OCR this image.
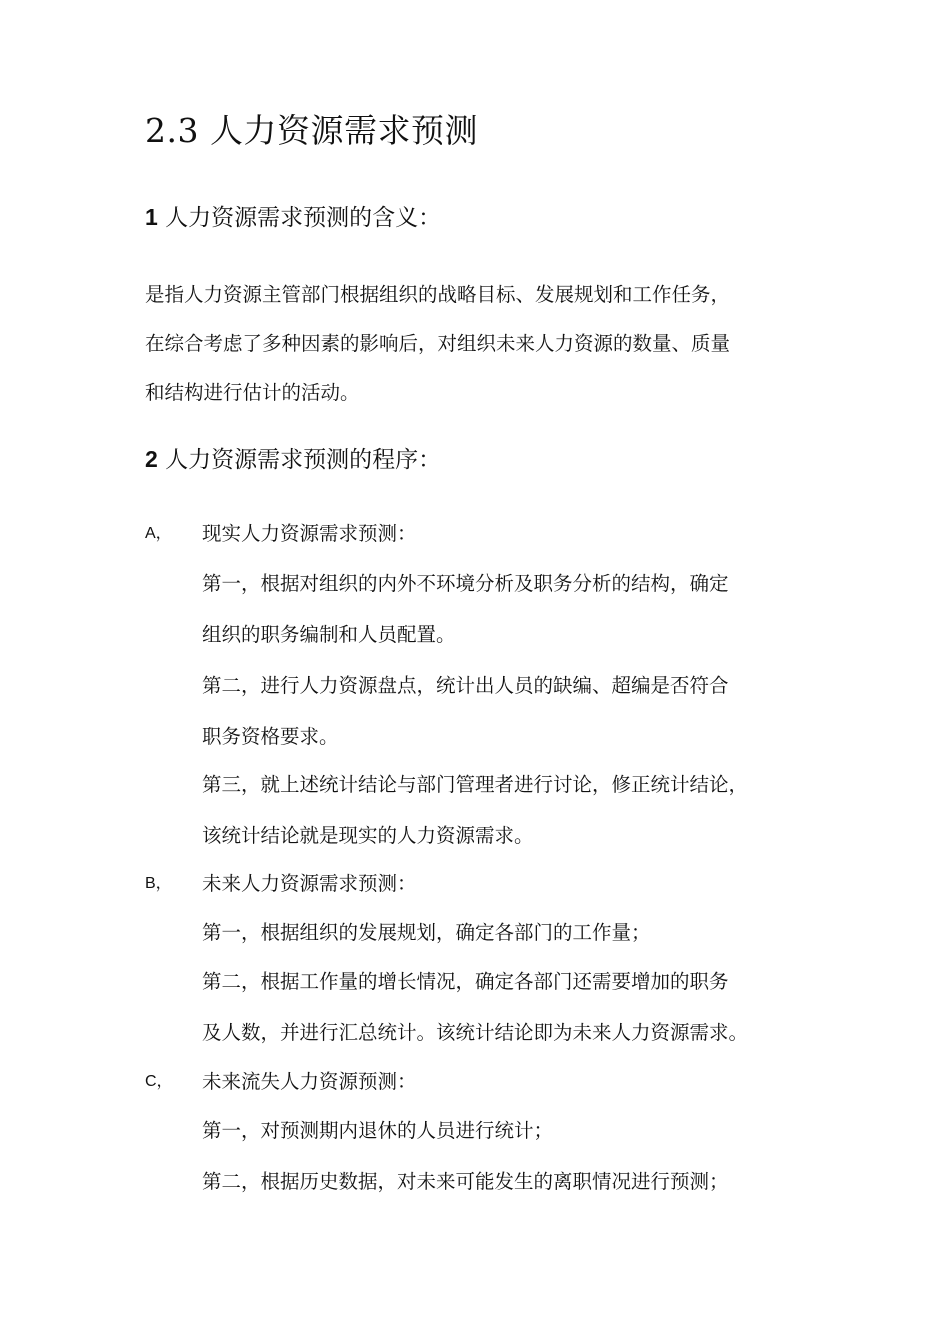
2.3 人力资源需求预测
1 人力资源需求预测的含义：
是指人力资源主管部门根据组织的战略目标、发展规划和工作任务，
在综合考虑了多种因素的影响后，对组织未来人力资源的数量、质量
和结构进行估计的活动。
2 人力资源需求预测的程序：
A， 现实人力资源需求预测：
第一，根据对组织的内外不环境分析及职务分析的结构，确定
组织的职务编制和人员配置。
第二，进行人力资源盘点，统计出人员的缺编、超编是否符合
职务资格要求。
第三，就上述统计结论与部门管理者进行讨论，修正统计结论，
该统计结论就是现实的人力资源需求。
B， 未来人力资源需求预测：
第一，根据组织的发展规划，确定各部门的工作量；
第二，根据工作量的增长情况，确定各部门还需要增加的职务
及人数，并进行汇总统计。该统计结论即为未来人力资源需求。
C， 未来流失人力资源预测：
第一，对预测期内退休的人员进行统计；
第二，根据历史数据，对未来可能发生的离职情况进行预测；
